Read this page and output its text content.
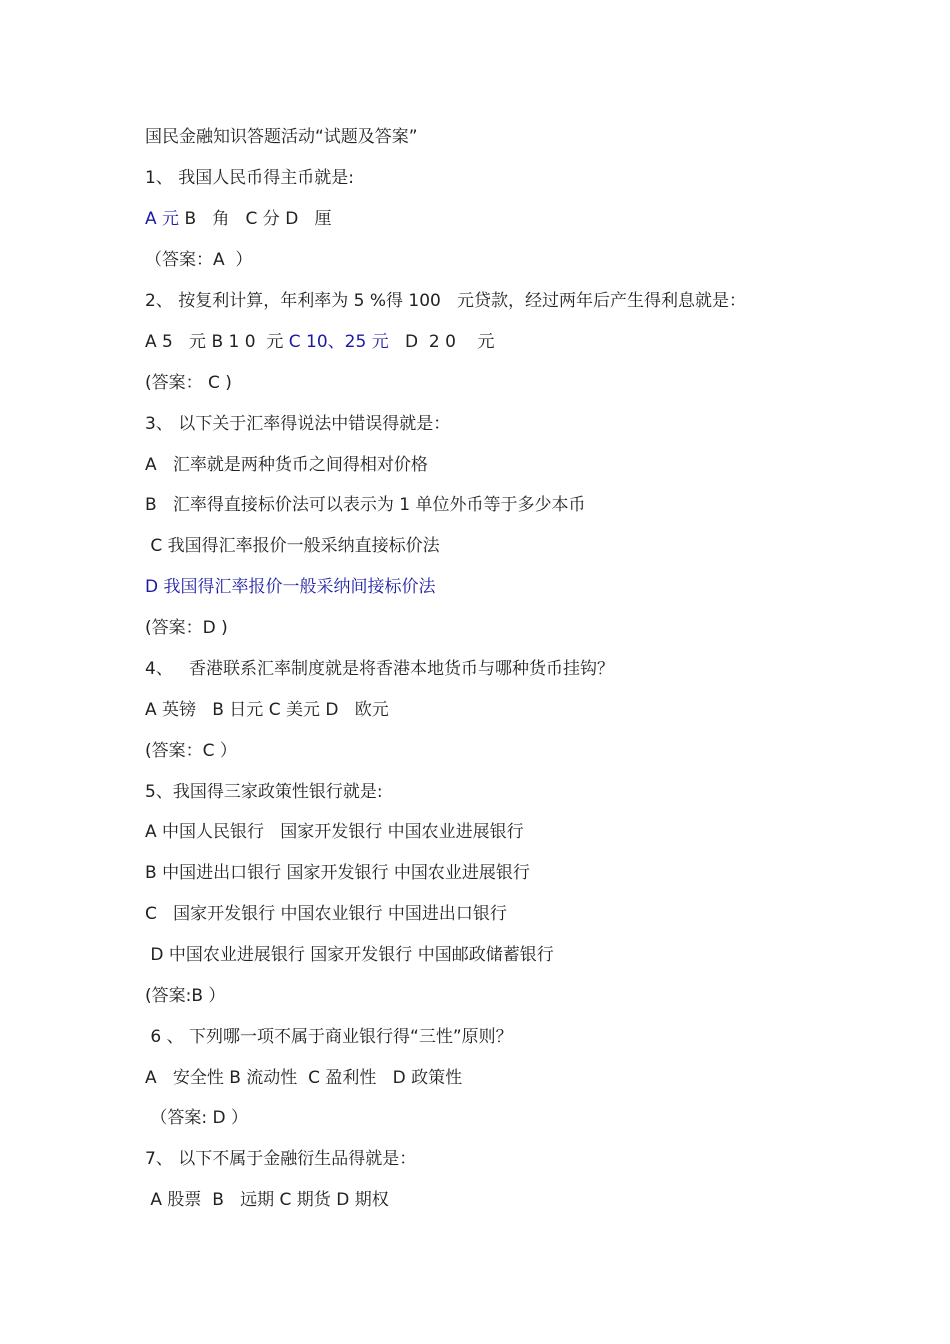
国民金融知识答题活动“试题及答案”
1、 我国人民币得主币就是:
A 元 B   角   C 分 D   厘
（答案：A  ）
2、 按复利计算，年利率为 5 %得 100   元贷款，经过两年后产生得利息就是：
A 5   元 B 1 0  元 C 10、25 元   D  2 0    元
(答案： C )
3、 以下关于汇率得说法中错误得就是：
A   汇率就是两种货币之间得相对价格
B   汇率得直接标价法可以表示为 1 单位外币等于多少本币
C 我国得汇率报价一般采纳直接标价法
D 我国得汇率报价一般采纳间接标价法
(答案：D )
4、   香港联系汇率制度就是将香港本地货币与哪种货币挂钩？
A 英镑   B 日元 C 美元 D   欧元
(答案：C ）
5、我国得三家政策性银行就是:
A 中国人民银行   国家开发银行 中国农业进展银行
B 中国进出口银行 国家开发银行 中国农业进展银行
C   国家开发银行 中国农业银行 中国进出口银行
D 中国农业进展银行 国家开发银行 中国邮政储蓄银行
(答案:B ）
6 、 下列哪一项不属于商业银行得“三性”原则？
A   安全性 B 流动性  C 盈利性   D 政策性
（答案: D ）
7、 以下不属于金融衍生品得就是：
A 股票  B   远期 C 期货 D 期权
